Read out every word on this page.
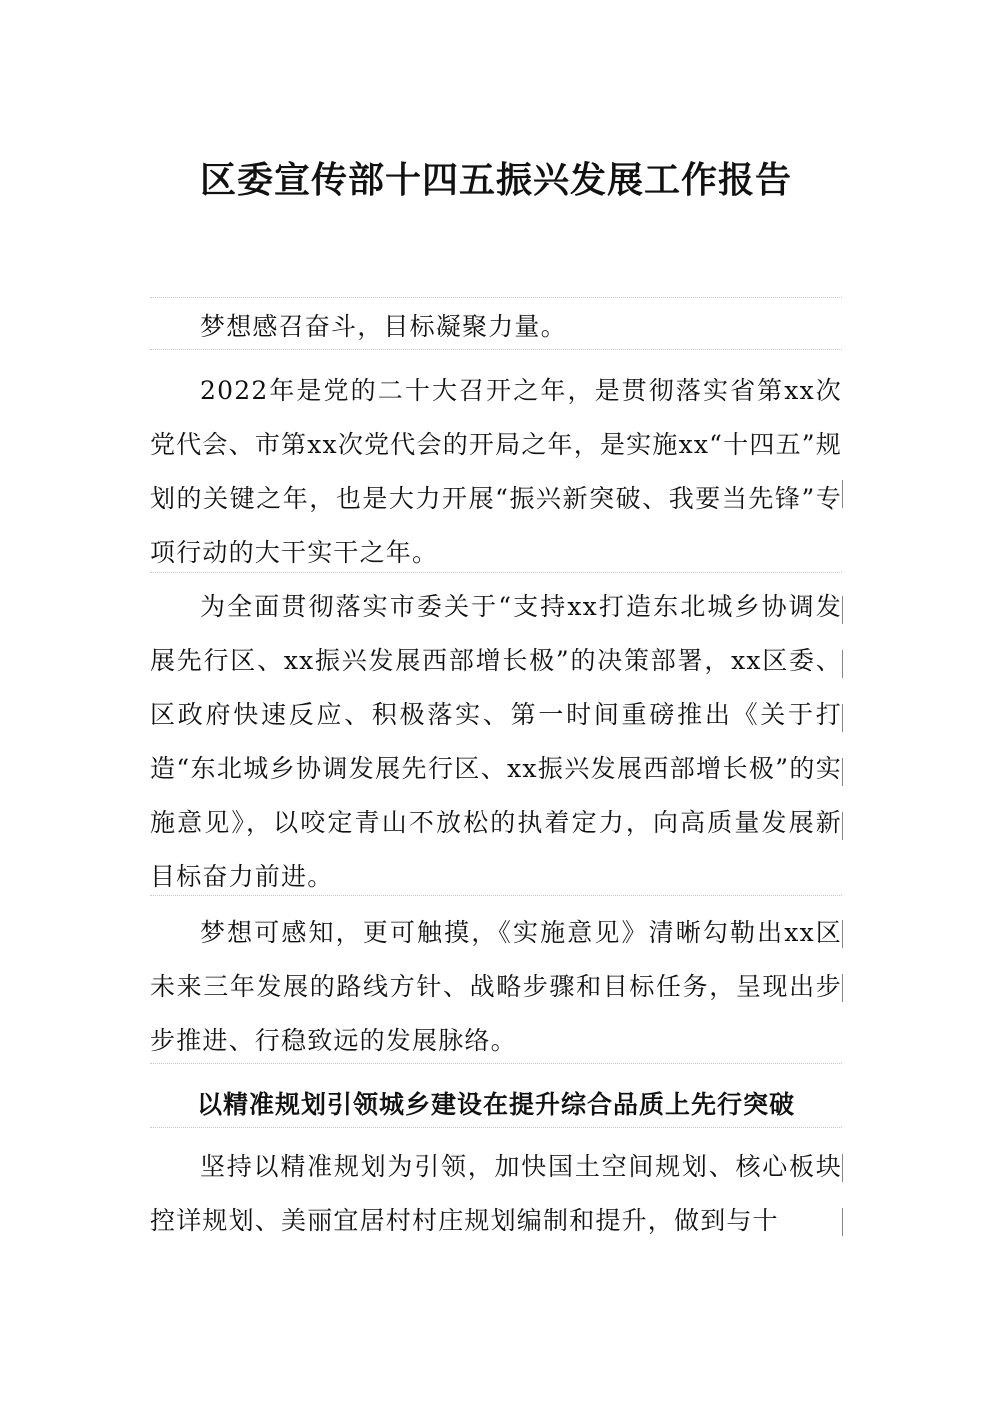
区委宣传部十四五振兴发展工作报告

梦想感召奋斗，目标凝聚力量。

2022年是党的二十大召开之年，是贯彻落实省第xx次党代会、市第xx次党代会的开局之年，是实施xx“十四五”规划的关键之年，也是大力开展“振兴新突破、我要当先锋”专项行动的大干实干之年。

为全面贯彻落实市委关于“支持xx打造东北城乡协调发展先行区、xx振兴发展西部增长极”的决策部署，xx区委、区政府快速反应、积极落实、第一时间重磅推出《关于打造“东北城乡协调发展先行区、xx振兴发展西部增长极”的实施意见》，以咬定青山不放松的执着定力，向高质量发展新目标奋力前进。

梦想可感知，更可触摸，《实施意见》清晰勾勒出xx区未来三年发展的路线方针、战略步骤和目标任务，呈现出步步推进、行稳致远的发展脉络。

以精准规划引领城乡建设在提升综合品质上先行突破

坚持以精准规划为引领，加快国土空间规划、核心板块控详规划、美丽宜居村村庄规划编制和提升，做到与十
